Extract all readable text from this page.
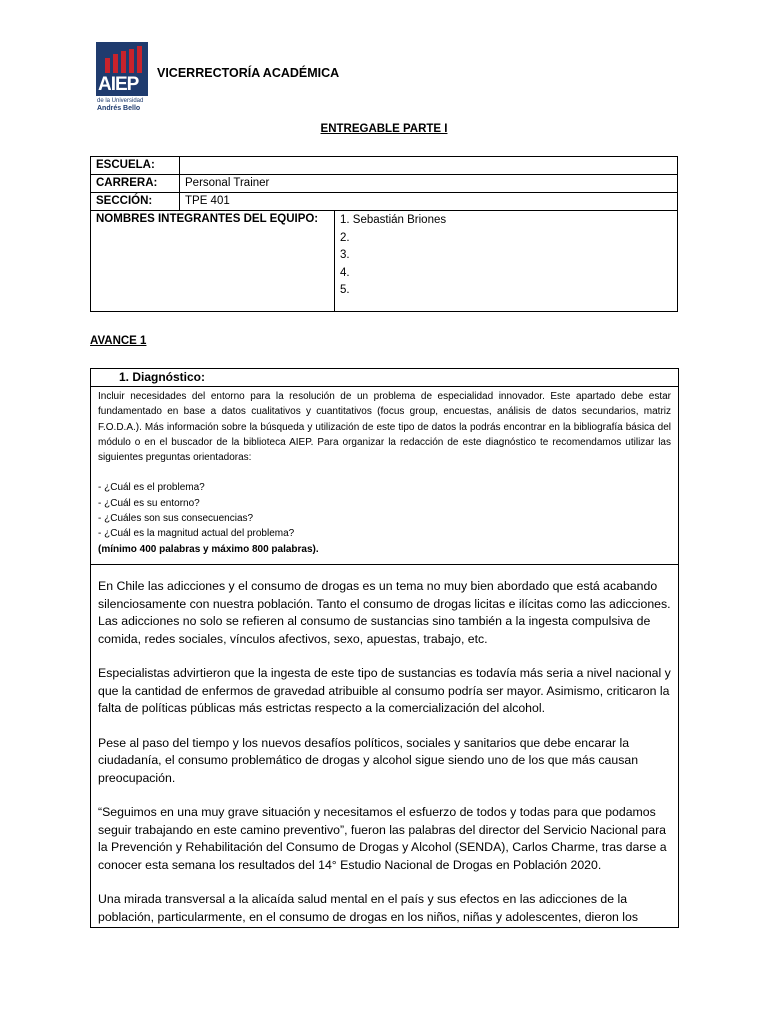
AIEP
de la Universidad
Andrés Bello
VICERRECTORÍA ACADÉMICA
ENTREGABLE PARTE I
ESCUELA:		
CARRERA:	Personal Trainer	
SECCIÓN:	TPE 401	
NOMBRES INTEGRANTES DEL EQUIPO:		1. Sebastián Briones
2.
3.
4.
5.
AVANCE 1
1. Diagnóstico:

Incluir necesidades del entorno para la resolución de un problema de especialidad innovador. Este apartado debe estar fundamentado en base a datos cualitativos y cuantitativos (focus group, encuestas, análisis de datos secundarios, matriz F.O.D.A.). Más información sobre la búsqueda y utilización de este tipo de datos la podrás encontrar en la bibliografía básica del módulo o en el buscador de la biblioteca AIEP. Para organizar la redacción de este diagnóstico te recomendamos utilizar las siguientes preguntas orientadoras:

- ¿Cuál es el problema?

- ¿Cuál es su entorno?

- ¿Cuáles son sus consecuencias?

- ¿Cuál es la magnitud actual del problema?

(mínimo 400 palabras y máximo 800 palabras).

En Chile las adicciones y el consumo de drogas es un tema no muy bien abordado que está acabando silenciosamente con nuestra población. Tanto el consumo de drogas licitas e ilícitas como las adicciones. Las adicciones no solo se refieren al consumo de sustancias sino también a la ingesta compulsiva de comida, redes sociales, vínculos afectivos, sexo, apuestas, trabajo, etc.

Especialistas advirtieron que la ingesta de este tipo de sustancias es todavía más seria a nivel nacional y que la cantidad de enfermos de gravedad atribuible al consumo podría ser mayor. Asimismo, criticaron la falta de políticas públicas más estrictas respecto a la comercialización del alcohol.

Pese al paso del tiempo y los nuevos desafíos políticos, sociales y sanitarios que debe encarar la ciudadanía, el consumo problemático de drogas y alcohol sigue siendo uno de los que más causan preocupación.

“Seguimos en una muy grave situación y necesitamos el esfuerzo de todos y todas para que podamos seguir trabajando en este camino preventivo”, fueron las palabras del director del Servicio Nacional para la Prevención y Rehabilitación del Consumo de Drogas y Alcohol (SENDA), Carlos Charme, tras darse a conocer esta semana los resultados del 14° Estudio Nacional de Drogas en Población 2020.

Una mirada transversal a la alicaída salud mental en el país y sus efectos en las adicciones de la población, particularmente, en el consumo de drogas en los niños, niñas y adolescentes, dieron los
